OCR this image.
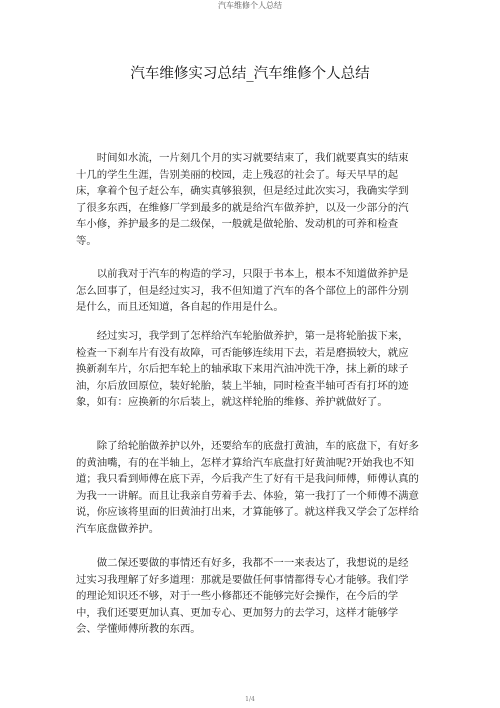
汽车维修个人总结
汽车维修实习总结_汽车维修个人总结

时间如水流，一片刻几个月的实习就要结束了，我们就要真实的结束十几的学生生涯，告别美丽的校园，走上残忍的社会了。每天早早的起床，拿着个包子赶公车，确实真够狼狈，但是经过此次实习，我确实学到了很多东西，在维修厂学到最多的就是给汽车做养护，以及一少部分的汽车小修，养护最多的是二级保，一般就是做轮胎、发动机的可养和检查等。

以前我对于汽车的构造的学习，只限于书本上，根本不知道做养护是怎么回事了，但是经过实习，我不但知道了汽车的各个部位上的部件分别是什么，而且还知道，各自起的作用是什么。

经过实习，我学到了怎样给汽车轮胎做养护，第一是将轮胎拔下来，检查一下刹车片有没有故障，可否能够连续用下去，若是磨损较大，就应换新刹车片，尔后把车轮上的轴承取下来用汽油冲洗干净，抹上新的球子油，尔后放回原位，装好轮胎，装上半轴，同时检查半轴可否有打坏的迹象，如有：应换新的尔后装上，就这样轮胎的维修、养护就做好了。

除了给轮胎做养护以外，还要给车的底盘打黄油，车的底盘下，有好多的黄油嘴，有的在半轴上，怎样才算给汽车底盘打好黄油呢?开始我也不知道；我只看到师傅在底下弄，今后我产生了好有干是我问师傅，师傅认真的为我一一讲解。而且让我亲自劳着手去、体验，第一我打了一个师傅不满意说，你应该将里面的旧黄油打出来，才算能够了。就这样我又学会了怎样给汽车底盘做养护。

做二保还要做的事情还有好多，我都不一一来表达了，我想说的是经过实习我理解了好多道理：那就是要做任何事情都得专心才能够。我们学的理论知识还不够，对于一些小修都还不能够完好会操作，在今后的学中，我们还要更加认真、更加专心、更加努力的去学习，这样才能够学会、学懂师傅所教的东西。

1/4
